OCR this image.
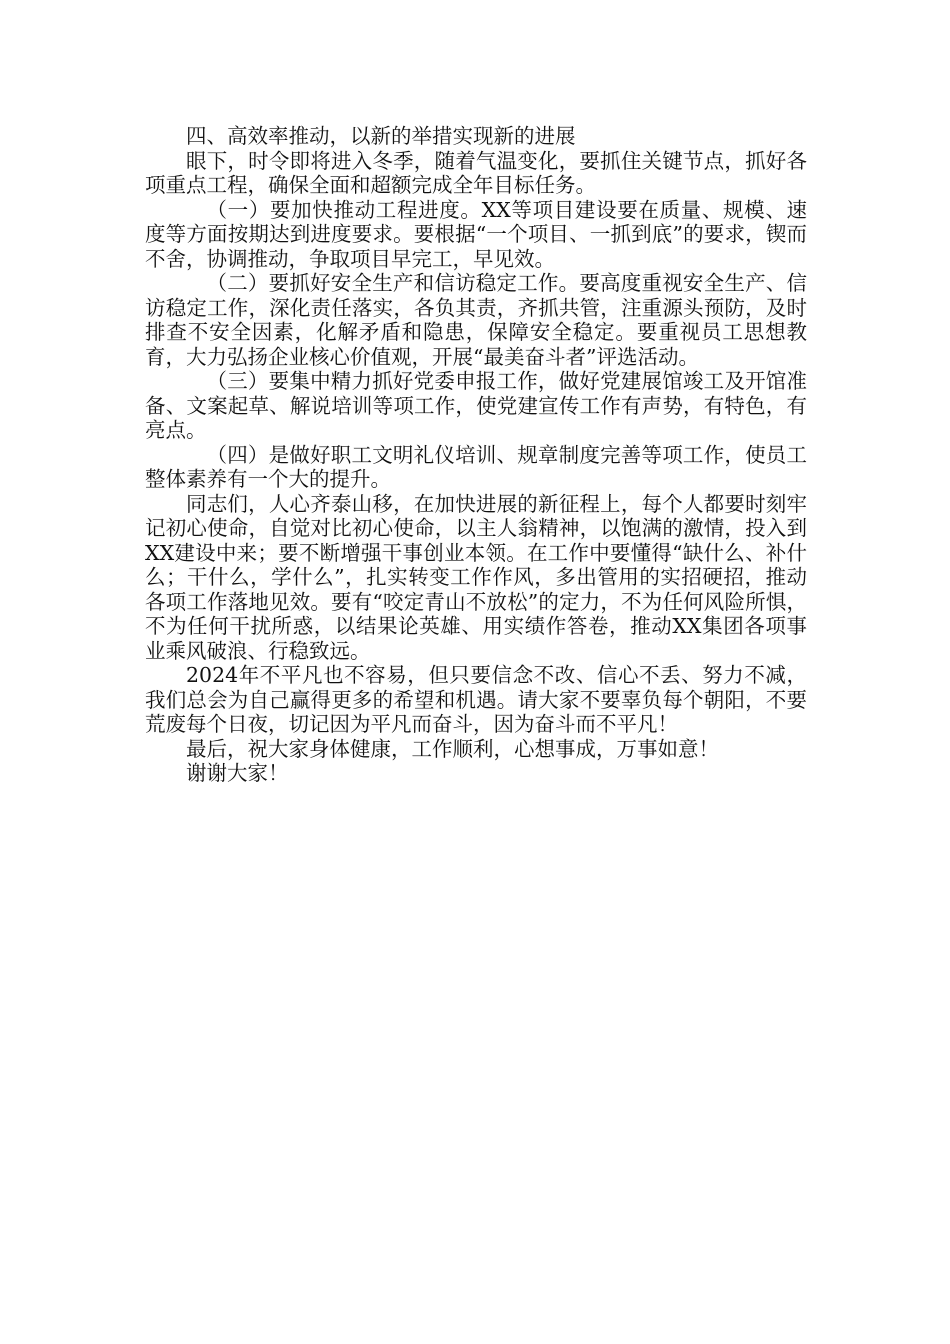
四、高效率推动，以新的举措实现新的进展

眼下，时令即将进入冬季，随着气温变化，要抓住关键节点，抓好各项重点工程，确保全面和超额完成全年目标任务。

（一）要加快推动工程进度。XX等项目建设要在质量、规模、速度等方面按期达到进度要求。要根据“一个项目、一抓到底”的要求，锲而不舍，协调推动，争取项目早完工，早见效。

（二）要抓好安全生产和信访稳定工作。要高度重视安全生产、信访稳定工作，深化责任落实，各负其责，齐抓共管，注重源头预防，及时排查不安全因素，化解矛盾和隐患，保障安全稳定。要重视员工思想教育，大力弘扬企业核心价值观，开展“最美奋斗者”评选活动。

（三）要集中精力抓好党委申报工作，做好党建展馆竣工及开馆准备、文案起草、解说培训等项工作，使党建宣传工作有声势，有特色，有亮点。

（四）是做好职工文明礼仪培训、规章制度完善等项工作，使员工整体素养有一个大的提升。

同志们，人心齐泰山移，在加快进展的新征程上，每个人都要时刻牢记初心使命，自觉对比初心使命，以主人翁精神，以饱满的激情，投入到XX建设中来；要不断增强干事创业本领。在工作中要懂得“缺什么、补什么；干什么，学什么”，扎实转变工作作风，多出管用的实招硬招，推动各项工作落地见效。要有“咬定青山不放松”的定力，不为任何风险所惧，不为任何干扰所惑，以结果论英雄、用实绩作答卷，推动XX集团各项事业乘风破浪、行稳致远。

2024年不平凡也不容易，但只要信念不改、信心不丢、努力不减，我们总会为自己赢得更多的希望和机遇。请大家不要辜负每个朝阳，不要荒废每个日夜，切记因为平凡而奋斗，因为奋斗而不平凡！

最后，祝大家身体健康，工作顺利，心想事成，万事如意！

谢谢大家！
